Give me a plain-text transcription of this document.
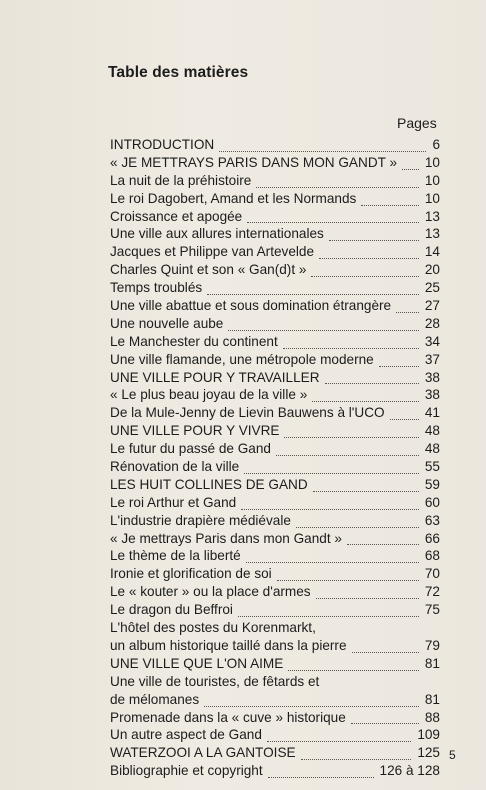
Table des matières
Pages
INTRODUCTION	6
« JE METTRAYS PARIS DANS MON GANDT » 10
La nuit de la préhistoire	10
Le roi Dagobert, Amand et les Normands	10
Croissance et apogée	13
Une ville aux allures internationales	13
Jacques et Philippe van Artevelde	14
Charles Quint et son « Gan(d)t »	20
Temps troublés	25
Une ville abattue et sous domination étrangère 27
Une nouvelle aube	28
Le Manchester du continent	34
Une ville flamande, une métropole moderne	37
UNE VILLE POUR Y TRAVAILLER	38
« Le plus beau joyau de la ville »	38
De la Mule-Jenny de Lievin Bauwens à l'UCO	41
UNE VILLE POUR Y VIVRE	48
Le futur du passé de Gand	48
Rénovation de la ville	55
LES HUIT COLLINES DE GAND	59
Le roi Arthur et Gand	60
L'industrie drapière médiévale	63
« Je mettrays Paris dans mon Gandt »	66
Le thème de la liberté	68
Ironie et glorification de soi	70
Le « kouter » ou la place d'armes	72
Le dragon du Beffroi	75
L'hôtel des postes du Korenmarkt,
un album historique taillé dans la pierre	79
UNE VILLE QUE L'ON AIME	81
Une ville de touristes, de fêtards et
de mélomanes	81
Promenade dans la « cuve » historique	88
Un autre aspect de Gand	109
WATERZOOI A LA GANTOISE	125
Bibliographie et copyright	126 à 128
5
